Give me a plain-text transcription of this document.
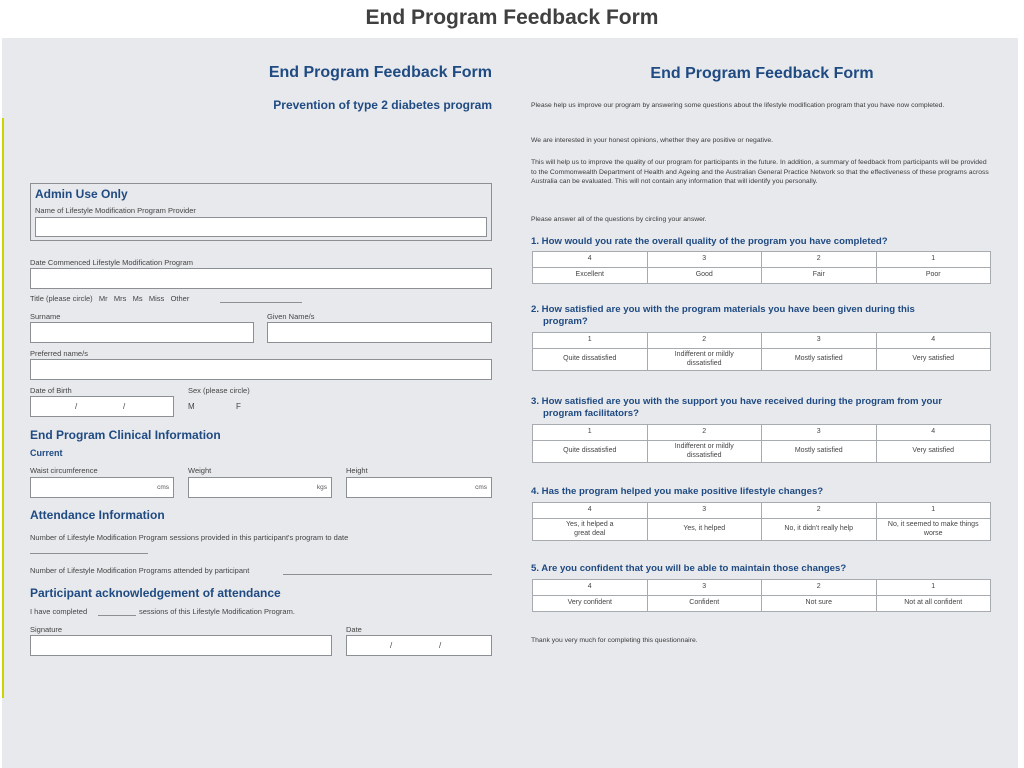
End Program Feedback Form
End Program Feedback Form
Prevention of type 2 diabetes program
Admin Use Only
Name of Lifestyle Modification Program Provider
Date Commenced Lifestyle Modification Program
Title (please circle)   Mr   Mrs   Ms   Miss   Other
Surname	Given Name/s
Preferred name/s
Date of Birth
/	/
Sex (please circle)
M	F
End Program Clinical Information
Current
Waist circumference
cms
Weight
kgs
Height
cms
Attendance Information
Number of Lifestyle Modification Program sessions provided in this participant's program to date
Number of Lifestyle Modification Programs attended by participant
Participant acknowledgement of attendance
I have completed	sessions of this Lifestyle Modification Program.
Signature	Date
/	/
End Program Feedback Form
Please help us improve our program by answering some questions about the lifestyle modification program that you have now completed.
We are interested in your honest opinions, whether they are positive or negative.
This will help us to improve the quality of our program for participants in the future. In addition, a summary of feedback from participants will be provided to the Commonwealth Department of Health and Ageing and the Australian General Practice Network so that the effectiveness of these programs across Australia can be evaluated. This will not contain any information that will identify you personally.
Please answer all of the questions by circling your answer.
1. How would you rate the overall quality of the program you have completed?
4	3	2	1
Excellent	Good	Fair	Poor
2. How satisfied are you with the program materials you have been given during this program?
1	2	3	4
Quite dissatisfied	Indifferent or mildly dissatisfied	Mostly satisfied	Very satisfied
3. How satisfied are you with the support you have received during the program from your program facilitators?
1	2	3	4
Quite dissatisfied	Indifferent or mildly dissatisfied	Mostly satisfied	Very satisfied
4. Has the program helped you make positive lifestyle changes?
4	3	2	1
Yes, it helped a great deal	Yes, it helped	No, it didn't really help	No, it seemed to make things worse
5. Are you confident that you will be able to maintain those changes?
4	3	2	1
Very confident	Confident	Not sure	Not at all confident
Thank you very much for completing this questionnaire.
